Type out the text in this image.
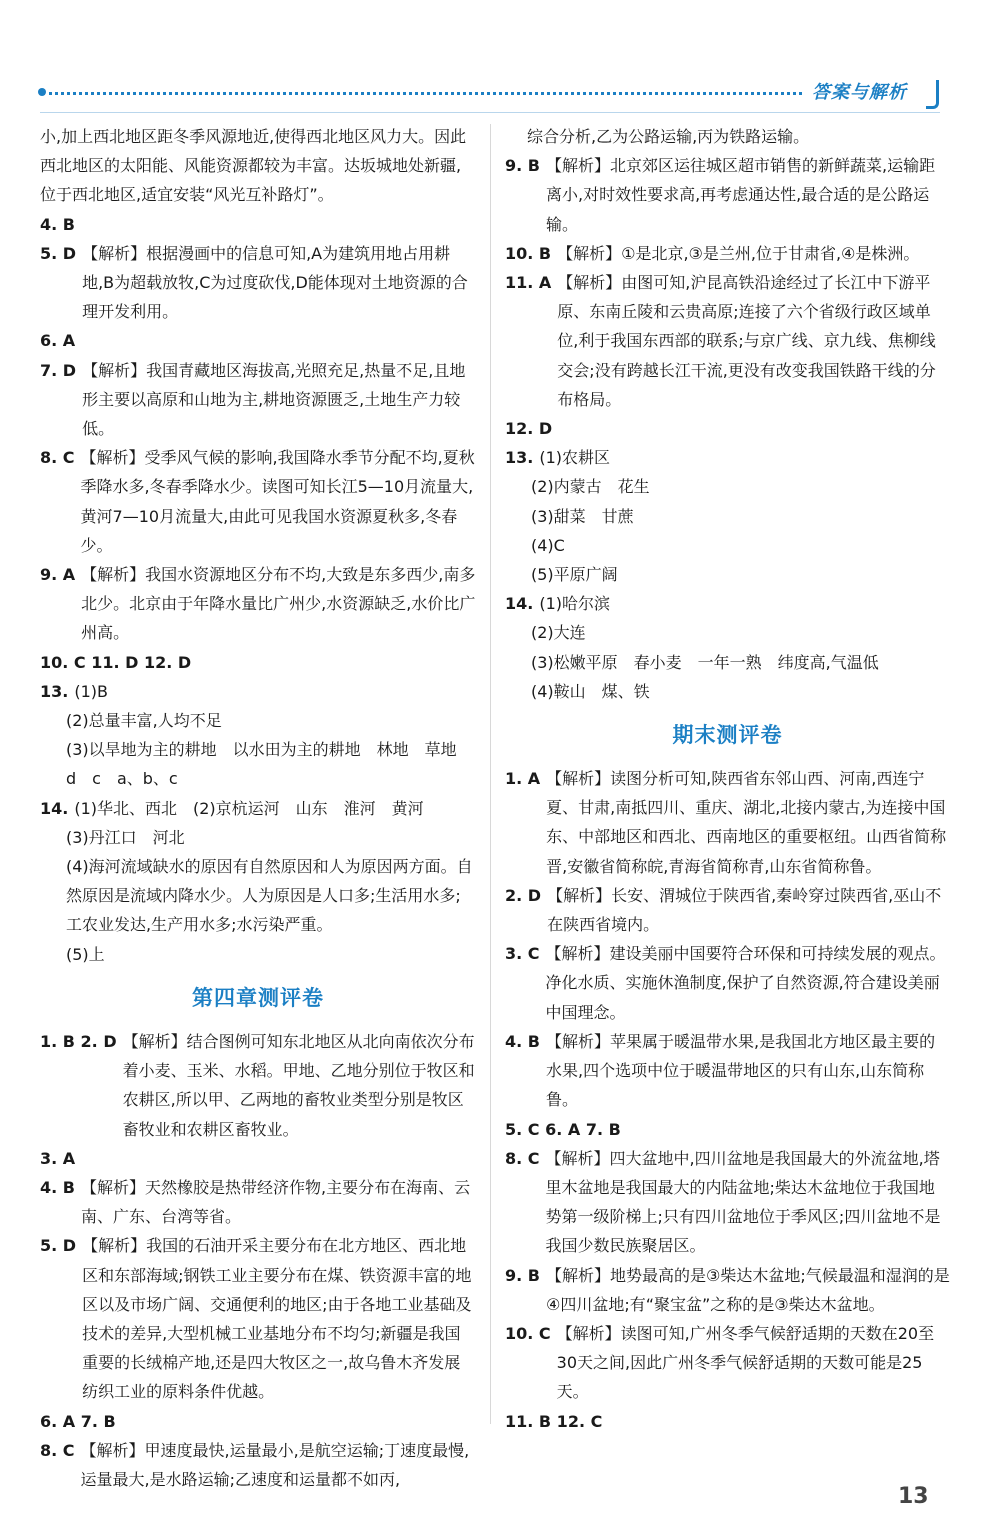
答案与解析
小,加上西北地区距冬季风源地近,使得西北地区风力大。因此西北地区的太阳能、风能资源都较为丰富。达坂城地处新疆,位于西北地区,适宜安装“风光互补路灯”。
4. B
5. D 【解析】根据漫画中的信息可知,A为建筑用地占用耕地,B为超载放牧,C为过度砍伐,D能体现对土地资源的合理开发利用。
6. A
7. D 【解析】我国青藏地区海拔高,光照充足,热量不足,且地形主要以高原和山地为主,耕地资源匮乏,土地生产力较低。
8. C 【解析】受季风气候的影响,我国降水季节分配不均,夏秋季降水多,冬春季降水少。读图可知长江5—10月流量大,黄河7—10月流量大,由此可见我国水资源夏秋多,冬春少。
9. A 【解析】我国水资源地区分布不均,大致是东多西少,南多北少。北京由于年降水量比广州少,水资源缺乏,水价比广州高。
10. C 11. D 12. D
13. (1)B
(2)总量丰富,人均不足
(3)以旱地为主的耕地　以水田为主的耕地　林地　草地　d　c　a、b、c
14. (1)华北、西北　(2)京杭运河　山东　淮河　黄河
(3)丹江口　河北
(4)海河流域缺水的原因有自然原因和人为原因两方面。自然原因是流域内降水少。人为原因是人口多;生活用水多;工农业发达,生产用水多;水污染严重。
(5)上
第四章测评卷
1. B 2. D 【解析】结合图例可知东北地区从北向南依次分布着小麦、玉米、水稻。甲地、乙地分别位于牧区和农耕区,所以甲、乙两地的畜牧业类型分别是牧区畜牧业和农耕区畜牧业。
3. A
4. B 【解析】天然橡胶是热带经济作物,主要分布在海南、云南、广东、台湾等省。
5. D 【解析】我国的石油开采主要分布在北方地区、西北地区和东部海域;钢铁工业主要分布在煤、铁资源丰富的地区以及市场广阔、交通便利的地区;由于各地工业基础及技术的差异,大型机械工业基地分布不均匀;新疆是我国重要的长绒棉产地,还是四大牧区之一,故乌鲁木齐发展纺织工业的原料条件优越。
6. A 7. B
8. C 【解析】甲速度最快,运量最小,是航空运输;丁速度最慢,运量最大,是水路运输;乙速度和运量都不如丙,
综合分析,乙为公路运输,丙为铁路运输。
9. B 【解析】北京郊区运往城区超市销售的新鲜蔬菜,运输距离小,对时效性要求高,再考虑通达性,最合适的是公路运输。
10. B 【解析】①是北京,③是兰州,位于甘肃省,④是株洲。
11. A 【解析】由图可知,沪昆高铁沿途经过了长江中下游平原、东南丘陵和云贵高原;连接了六个省级行政区域单位,利于我国东西部的联系;与京广线、京九线、焦柳线交会;没有跨越长江干流,更没有改变我国铁路干线的分布格局。
12. D
13. (1)农耕区
(2)内蒙古　花生
(3)甜菜　甘蔗
(4)C
(5)平原广阔
14. (1)哈尔滨
(2)大连
(3)松嫩平原　春小麦　一年一熟　纬度高,气温低
(4)鞍山　煤、铁
期末测评卷
1. A 【解析】读图分析可知,陕西省东邻山西、河南,西连宁夏、甘肃,南抵四川、重庆、湖北,北接内蒙古,为连接中国东、中部地区和西北、西南地区的重要枢纽。山西省简称晋,安徽省简称皖,青海省简称青,山东省简称鲁。
2. D 【解析】长安、渭城位于陕西省,秦岭穿过陕西省,巫山不在陕西省境内。
3. C 【解析】建设美丽中国要符合环保和可持续发展的观点。净化水质、实施休渔制度,保护了自然资源,符合建设美丽中国理念。
4. B 【解析】苹果属于暖温带水果,是我国北方地区最主要的水果,四个选项中位于暖温带地区的只有山东,山东简称鲁。
5. C 6. A 7. B
8. C 【解析】四大盆地中,四川盆地是我国最大的外流盆地,塔里木盆地是我国最大的内陆盆地;柴达木盆地位于我国地势第一级阶梯上;只有四川盆地位于季风区;四川盆地不是我国少数民族聚居区。
9. B 【解析】地势最高的是③柴达木盆地;气候最温和湿润的是④四川盆地;有“聚宝盆”之称的是③柴达木盆地。
10. C 【解析】读图可知,广州冬季气候舒适期的天数在20至30天之间,因此广州冬季气候舒适期的天数可能是25天。
11. B 12. C
13
